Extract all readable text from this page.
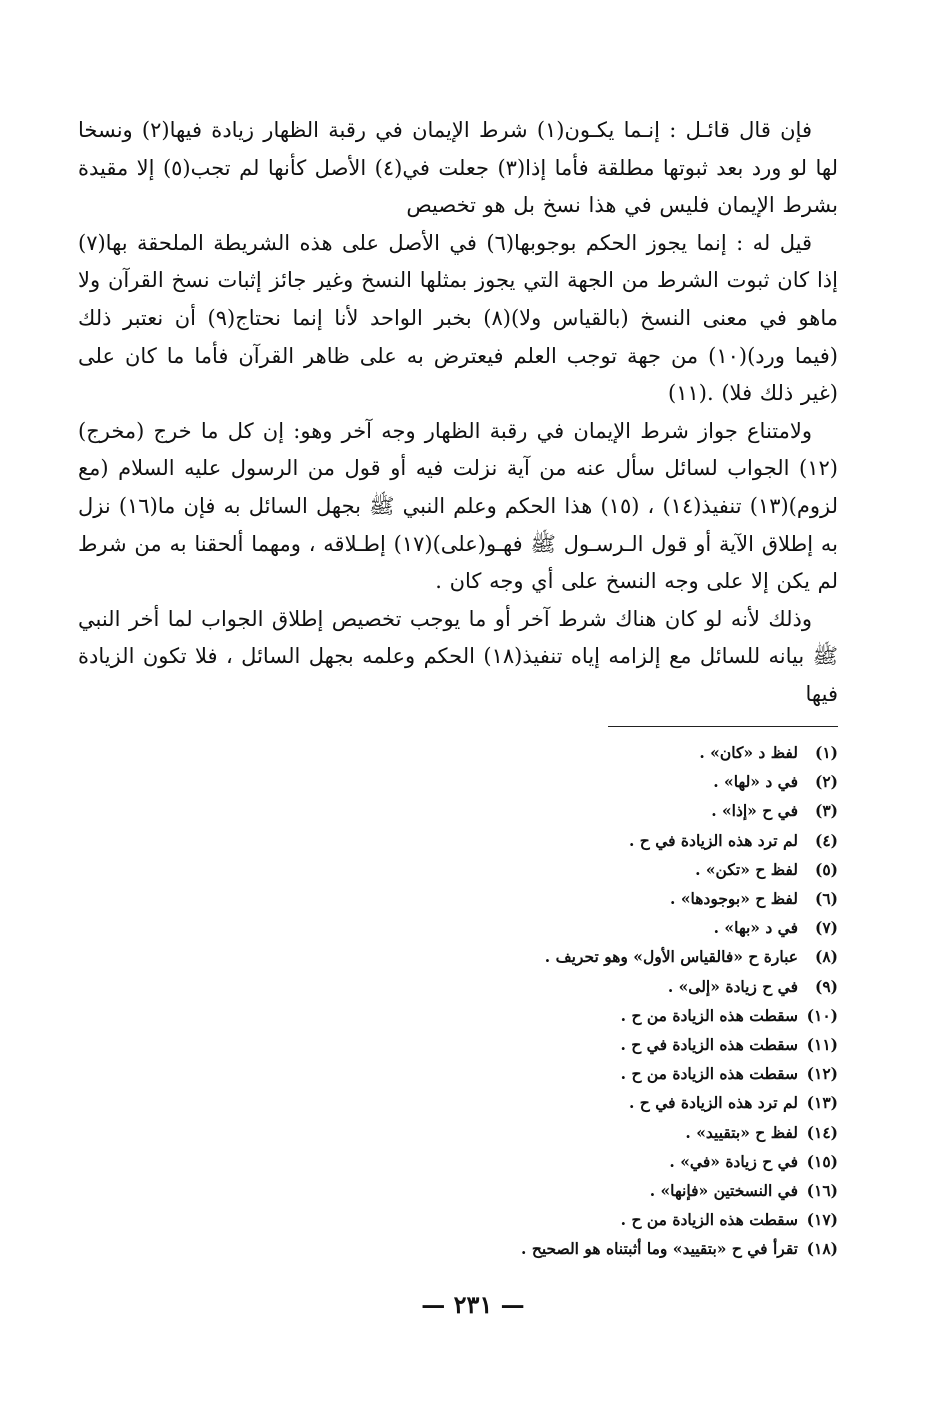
فإن قال قائـل : إنـما يكـون(١) شرط الإيمان في رقبة الظهار زيادة فيها(٢) ونسخا لها لو ورد بعد ثبوتها مطلقة فأما إذا(٣) جعلت في(٤) الأصل كأنها لم تجب(٥) إلا مقيدة بشرط الإيمان فليس في هذا نسخ بل هو تخصيص

قيل له : إنما يجوز الحكم بوجوبها(٦) في الأصل على هذه الشريطة الملحقة بها(٧) إذا كان ثبوت الشرط من الجهة التي يجوز بمثلها النسخ وغير جائز إثبات نسخ القرآن ولا ماهو في معنى النسخ (بالقياس ولا)(٨) بخبر الواحد لأنا إنما نحتاج(٩) أن نعتبر ذلك (فيما ورد)(١٠) من جهة توجب العلم فيعترض به على ظاهر القرآن فأما ما كان على (غير ذلك فلا) .(١١)

ولامتناع جواز شرط الإيمان في رقبة الظهار وجه آخر وهو: إن كل ما خرج (مخرج)(١٢) الجواب لسائل سأل عنه من آية نزلت فيه أو قول من الرسول عليه السلام (مع لزوم)(١٣) تنفيذ(١٤) ، (١٥) هذا الحكم وعلم النبي ﷺ بجهل السائل به فإن ما(١٦) نزل به إطلاق الآية أو قول الـرسـول ﷺ فهـو(على)(١٧) إطـلاقه ، ومهما ألحقنا به من شرط لم يكن إلا على وجه النسخ على أي وجه كان .

وذلك لأنه لو كان هناك شرط آخر أو ما يوجب تخصيص إطلاق الجواب لما أخر النبي ﷺ بيانه للسائل مع إلزامه إياه تنفيذ(١٨) الحكم وعلمه بجهل السائل ، فلا تكون الزيادة فيها

(١)لفظ د «كان» .
(٢)في د «لها» .
(٣)في ح «إذا» .
(٤)لم ترد هذه الزيادة في ح .
(٥)لفظ ح «تكن» .
(٦)لفظ ح «بوجودها» .
(٧)في د «بها» .
(٨)عبارة ح «فالقياس الأول» وهو تحريف .
(٩)في ح زيادة «إلى» .
(١٠)سقطت هذه الزيادة من ح .
(١١)سقطت هذه الزيادة في ح .
(١٢)سقطت هذه الزيادة من ح .
(١٣)لم ترد هذه الزيادة في ح .
(١٤)لفظ ح «بتقييد» .
(١٥)في ح زيادة «في» .
(١٦)في النسختين «فإنها» .
(١٧)سقطت هذه الزيادة من ح .
(١٨)تقرأ في ح «بتقييد» وما أثبتناه هو الصحيح .
— ٢٣١ —
